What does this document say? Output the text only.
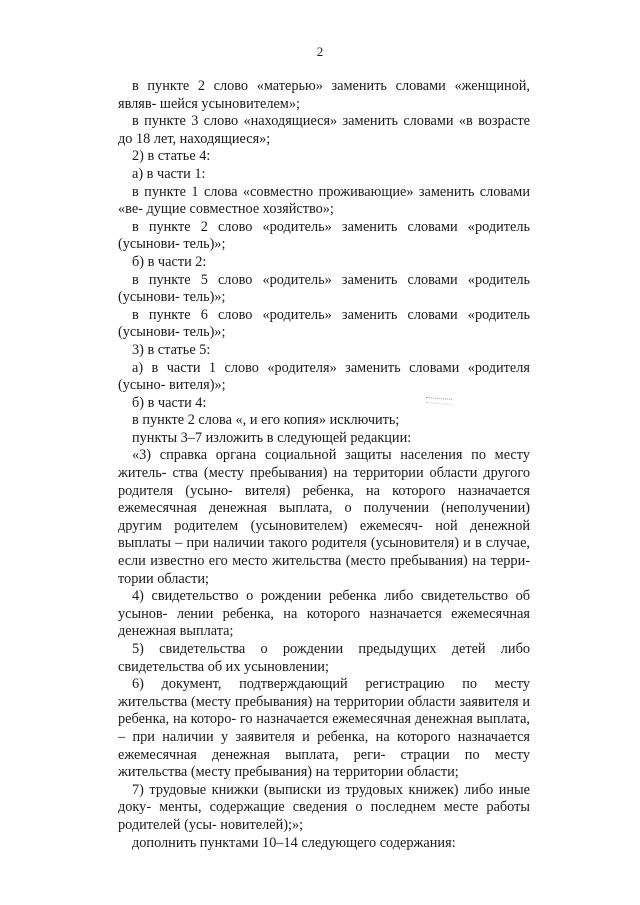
2

в пункте 2 слово «матерью» заменить словами «женщиной, являв- шейся усыновителем»;

в пункте 3 слово «находящиеся» заменить словами «в возрасте до 18 лет, находящиеся»;

2) в статье 4:

а) в части 1:

в пункте 1 слова «совместно проживающие» заменить словами «ве- дущие совместное хозяйство»;

в пункте 2 слово «родитель» заменить словами «родитель (усынови- тель)»;

б) в части 2:

в пункте 5 слово «родитель» заменить словами «родитель (усынови- тель)»;

в пункте 6 слово «родитель» заменить словами «родитель (усынови- тель)»;

3) в статье 5:

а) в части 1 слово «родителя» заменить словами «родителя (усыно- вителя)»;

б) в части 4:

в пункте 2 слова «, и его копия» исключить;

пункты 3–7 изложить в следующей редакции:

«3) справка органа социальной защиты населения по месту житель- ства (месту пребывания) на территории области другого родителя (усыно- вителя) ребенка, на которого назначается ежемесячная денежная выплата, о получении (неполучении) другим родителем (усыновителем) ежемесяч- ной денежной выплаты – при наличии такого родителя (усыновителя) и в случае, если известно его место жительства (место пребывания) на терри- тории области;

4) свидетельство о рождении ребенка либо свидетельство об усынов- лении ребенка, на которого назначается ежемесячная денежная выплата;

5) свидетельства о рождении предыдущих детей либо свидетельства об их усыновлении;

6) документ, подтверждающий регистрацию по месту жительства (месту пребывания) на территории области заявителя и ребенка, на которо- го назначается ежемесячная денежная выплата, – при наличии у заявителя и ребенка, на которого назначается ежемесячная денежная выплата, реги- страции по месту жительства (месту пребывания) на территории области;

7) трудовые книжки (выписки из трудовых книжек) либо иные доку- менты, содержащие сведения о последнем месте работы родителей (усы- новителей);»;

дополнить пунктами 10–14 следующего содержания:
